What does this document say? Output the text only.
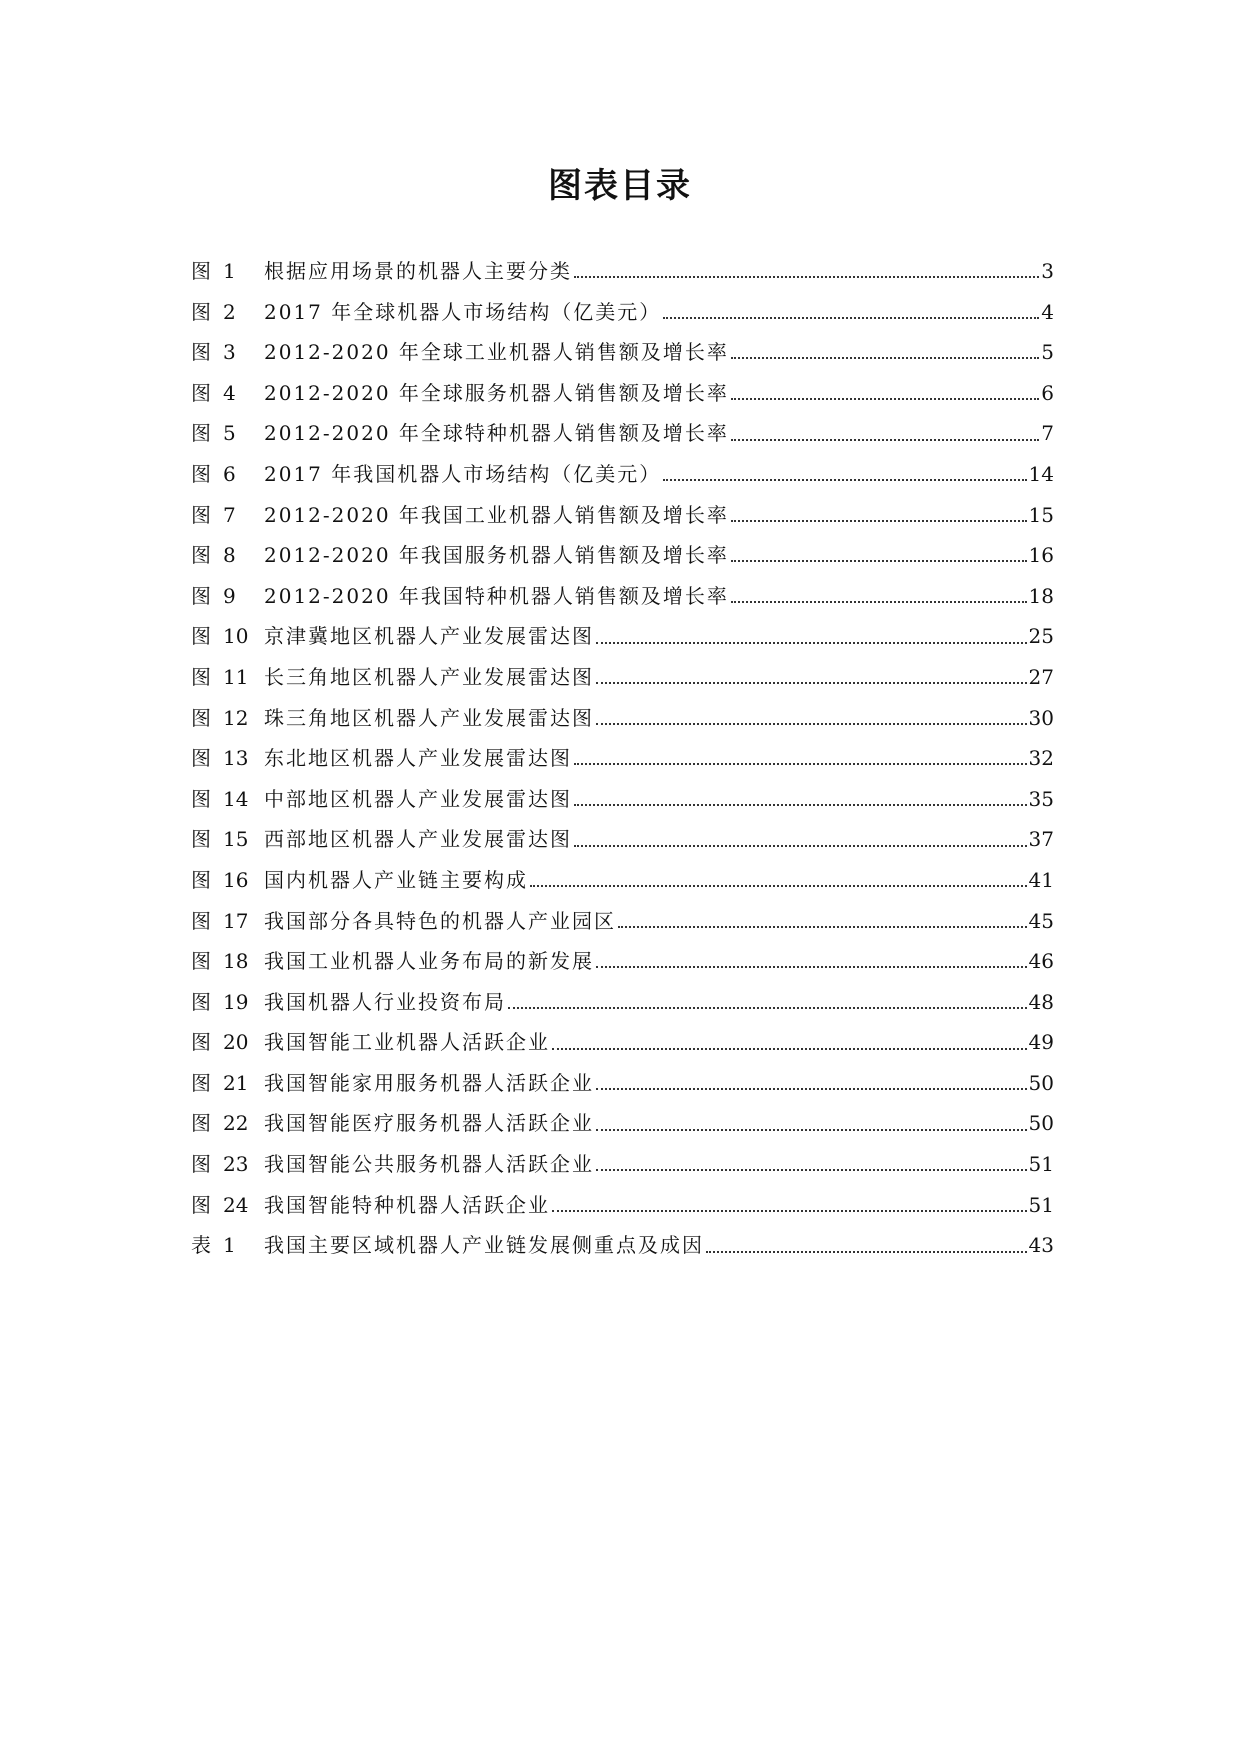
图表目录
图 1	根据应用场景的机器人主要分类	3
图 2	2017 年全球机器人市场结构（亿美元）	4
图 3	2012-2020 年全球工业机器人销售额及增长率	5
图 4	2012-2020 年全球服务机器人销售额及增长率	6
图 5	2012-2020 年全球特种机器人销售额及增长率	7
图 6	2017 年我国机器人市场结构（亿美元）	14
图 7	2012-2020 年我国工业机器人销售额及增长率	15
图 8	2012-2020 年我国服务机器人销售额及增长率	16
图 9	2012-2020 年我国特种机器人销售额及增长率	18
图 10 京津冀地区机器人产业发展雷达图	25
图 11 长三角地区机器人产业发展雷达图	27
图 12 珠三角地区机器人产业发展雷达图	30
图 13 东北地区机器人产业发展雷达图	32
图 14 中部地区机器人产业发展雷达图	35
图 15 西部地区机器人产业发展雷达图	37
图 16 国内机器人产业链主要构成	41
图 17 我国部分各具特色的机器人产业园区	45
图 18 我国工业机器人业务布局的新发展	46
图 19 我国机器人行业投资布局	48
图 20 我国智能工业机器人活跃企业	49
图 21 我国智能家用服务机器人活跃企业	50
图 22 我国智能医疗服务机器人活跃企业	50
图 23 我国智能公共服务机器人活跃企业	51
图 24 我国智能特种机器人活跃企业	51
表 1	我国主要区域机器人产业链发展侧重点及成因	43
